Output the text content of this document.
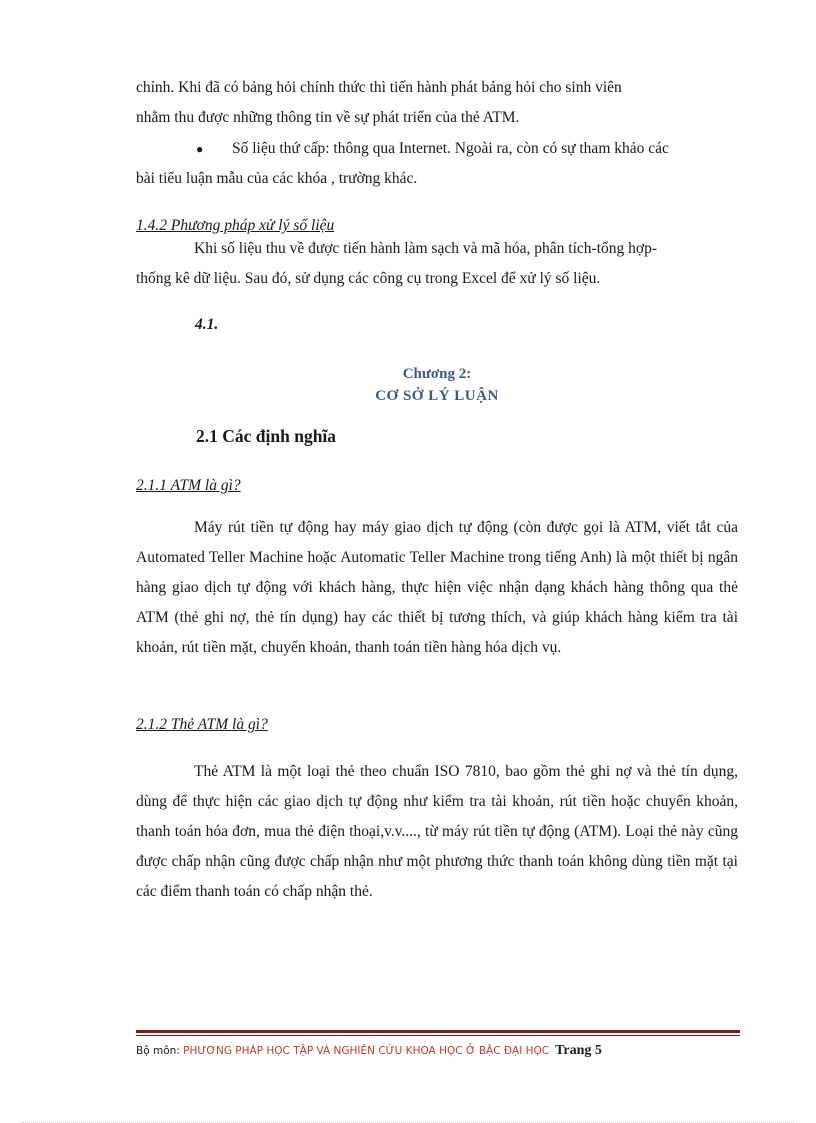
chỉnh. Khi đã có bảng hỏi chính thức thì tiến hành phát bảng hỏi cho sinh viên
nhằm thu được những thông tin về sự phát triển của thẻ ATM.
●	Số liệu thứ cấp: thông qua Internet. Ngoài ra, còn có sự tham khảo các
bài tiểu luận mẫu của các khóa , trường khác.
1.4.2 Phương pháp xử lý số liệu
Khi số liệu thu về được tiến hành làm sạch và mã hóa, phân tích-tổng hợp-
thống kê dữ liệu. Sau đó, sử dụng các công cụ trong Excel để xử lý số liệu.
4.1.
Chương 2:
CƠ SỞ LÝ LUẬN
2.1 Các định nghĩa
2.1.1 ATM là gì?
Máy rút tiền tự động hay máy giao dịch tự động (còn được gọi là ATM, viết tắt của Automated Teller Machine hoặc Automatic Teller Machine trong tiếng Anh) là một thiết bị ngân hàng giao dịch tự động với khách hàng, thực hiện việc nhận dạng khách hàng thông qua thẻ ATM (thẻ ghi nợ, thẻ tín dụng) hay các thiết bị tương thích, và giúp khách hàng kiểm tra tài khoản, rút tiền mặt, chuyển khoản, thanh toán tiền hàng hóa dịch vụ.
2.1.2 Thẻ ATM là gì?
Thẻ ATM là một loại thẻ theo chuẩn ISO 7810, bao gồm thẻ ghi nợ và thẻ tín dụng, dùng để thực hiện các giao dịch tự động như kiểm tra tài khoản, rút tiền hoặc chuyển khoản, thanh toán hóa đơn, mua thẻ điện thoại,v.v...., từ máy rút tiền tự động (ATM). Loại thẻ này cũng được chấp nhận cũng được chấp nhận như một phương thức thanh toán không dùng tiền mặt tại các điểm thanh toán có chấp nhận thẻ.
Bộ môn: PHƯƠNG PHÁP HỌC TẬP VÀ NGHIÊN CỨU KHOA HỌC Ở BẬC ĐẠI HỌC Trang 5
